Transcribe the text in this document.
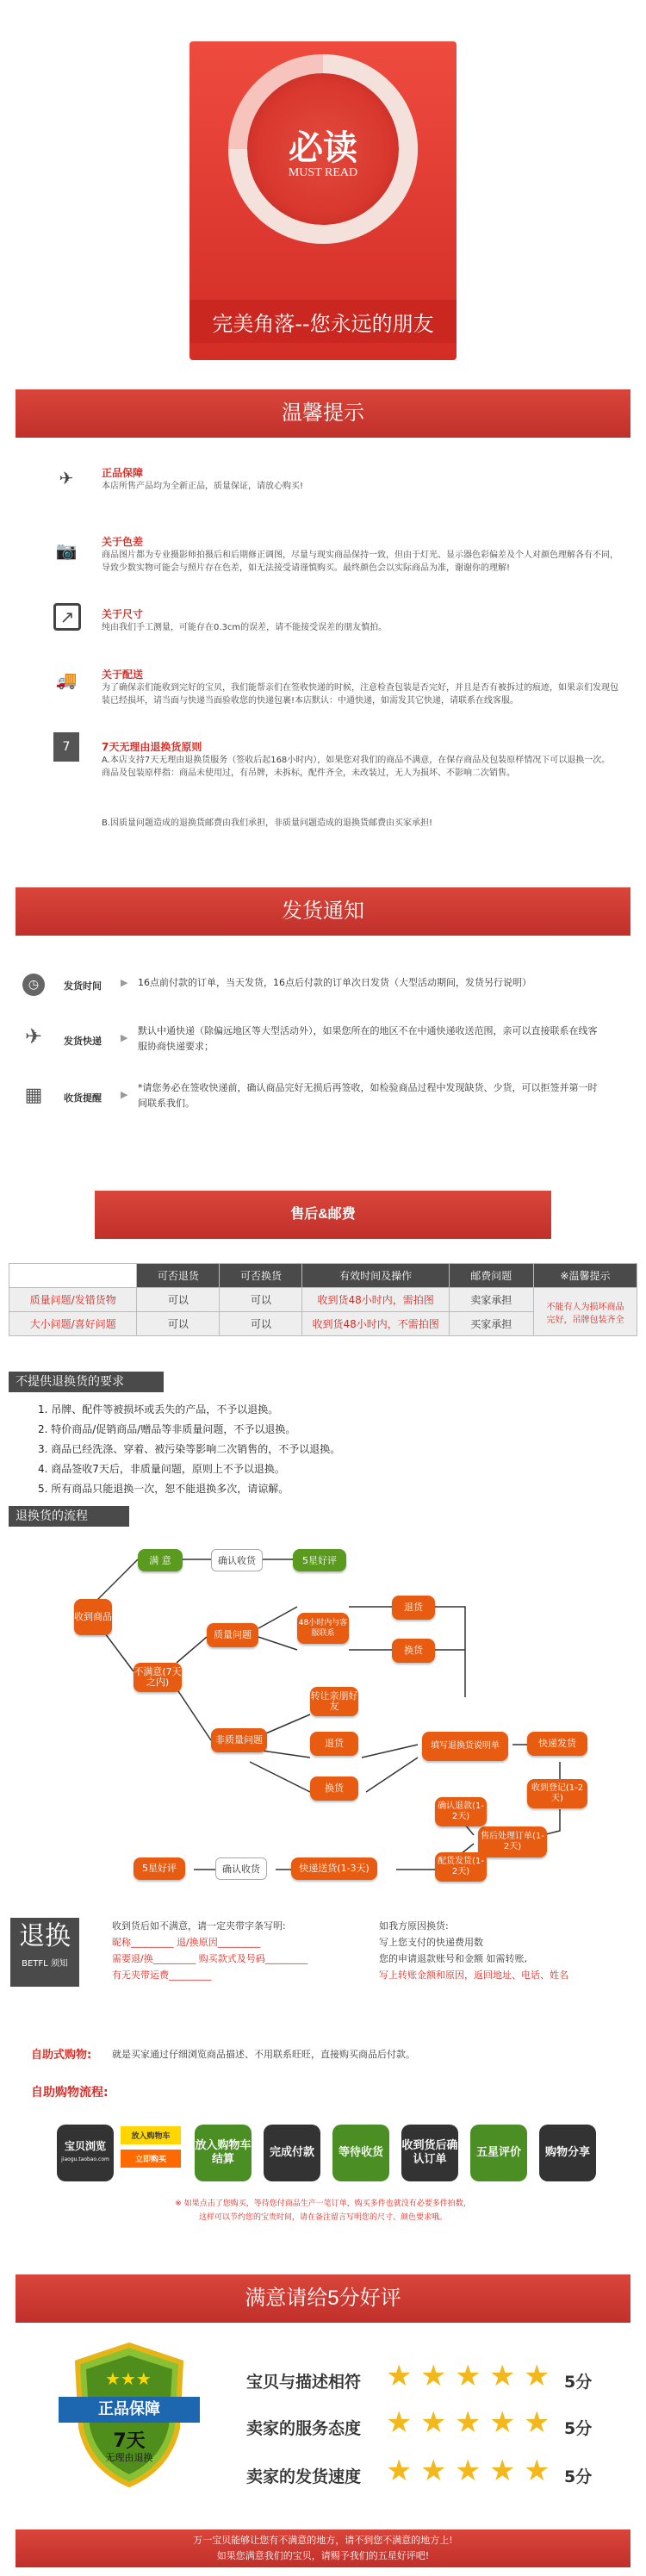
必读
MUST READ
完美角落--您永远的朋友
温馨提示
✈	正品保障
本店所售产品均为全新正品，质量保证，请放心购买!
📷	关于色差
商品图片都为专业摄影师拍摄后和后期修正调图，尽量与现实商品保持一致，但由于灯光、显示器色彩偏差及个人对颜色理解各有不同，导致少数实物可能会与照片存在色差，如无法接受请谨慎购买。最终颜色会以实际商品为准，谢谢你的理解!
↗	关于尺寸
纯由我们手工测量，可能存在0.3cm的误差，请不能接受误差的朋友慎拍。
🚚	关于配送
为了确保亲们能收到完好的宝贝，我们能帮亲们在签收快递的时候，注意检查包装是否完好，并且是否有被拆过的痕迹，如果亲们发现包装已经损坏，请当面与快递当面验收您的快递包裹!本店默认：中通快递，如需发其它快递，请联系在线客服。
7	7天无理由退换货原则
A.本店支持7天无理由退换货服务（签收后起168小时内），如果您对我们的商品不满意，在保存商品及包装原样情况下可以退换一次。商品及包装原样指：商品未使用过，有吊牌，未拆标，配件齐全，未改装过，无人为损坏、不影响二次销售。
B.因质量问题造成的退换货邮费由我们承担，非质量问题造成的退换货邮费由买家承担!
发货通知
◷	发货时间 ▶ 16点前付款的订单，当天发货，16点后付款的订单次日发货（大型活动期间，发货另行说明）
✈ 发货快递 ▶
默认中通快递（除偏远地区等大型活动外），如果您所在的地区不在中通快递收送范围，亲可以直接联系在线客服协商快递要求；
▦ 收货提醒 ▶
*请您务必在签收快递前，确认商品完好无损后再签收，如检验商品过程中发现缺货、少货，可以拒签并第一时间联系我们。
售后&邮费
	可否退货	可否换货	有效时间及操作	邮费问题	※温馨提示
质量问题/发错货物	可以	可以	收到货48小时内，需拍图	卖家承担	不能有人为损坏商品完好，吊牌包装齐全
大小问题/喜好问题	可以	可以	收到货48小时内，不需拍图	买家承担	
不提供退换货的要求
1. 吊牌、配件等被损坏或丢失的产品，不予以退换。
2. 特价商品/促销商品/赠品等非质量问题，不予以退换。
3. 商品已经洗涤、穿着、被污染等影响二次销售的，不予以退换。
4. 商品签收7天后，非质量问题，原则上不予以退换。
5. 所有商品只能退换一次，恕不能退换多次，请谅解。
退换货的流程
满 意	确认收货	5星好评
收到商品
不满意(7天之内)
质量问题
48小时内与客服联系
退货
换货
非质量问题
转让亲朋好友
退货
换货
填写退换货说明单	快递发货
收到登记(1-2天)
售后处理订单(1-2天)
确认退款(1-2天)
配货发货(1-2天)
快递送货(1-3天)
确认收货
5星好评
退换
BETFL 须知
收到货后如不满意，请一定夹带字条写明:
昵称_________ 退/换原因_________
需要退/换_________ 购买款式及号码_________
有无夹带运费_________
如我方原因换货:
写上您支付的快递费用数
您的申请退款账号和金额 如需转账,
写上转账金额和原因，返回地址、电话、姓名
自助式购物: 就是买家通过仔细浏览商品描述、不用联系旺旺，直接购买商品后付款。
自助购物流程:
宝贝浏览
jiaogu.taobao.com
放入购物车
立即购买
放入购物车结算
完成付款	等待收货
收到货后确认订单
五星评价	购物分享
※ 如果点击了您购买，等待您付商品生产一笔订单，购买多件也就没有必要多件拍数，
这样可以节约您的宝贵时间，请在备注留言写明您的尺寸、颜色要求哦。
满意请给5分好评
★★★
正品保障
7天
无理由退换
宝贝与描述相符
卖家的服务态度
卖家的发货速度
★ ★ ★ ★ ★
★ ★ ★ ★ ★
★ ★ ★ ★ ★
5分
5分
5分
万一宝贝能够让您有不满意的地方，请不到您不满意的地方上!
如果您满意我们的宝贝，请赐予我们的五星好评吧!
